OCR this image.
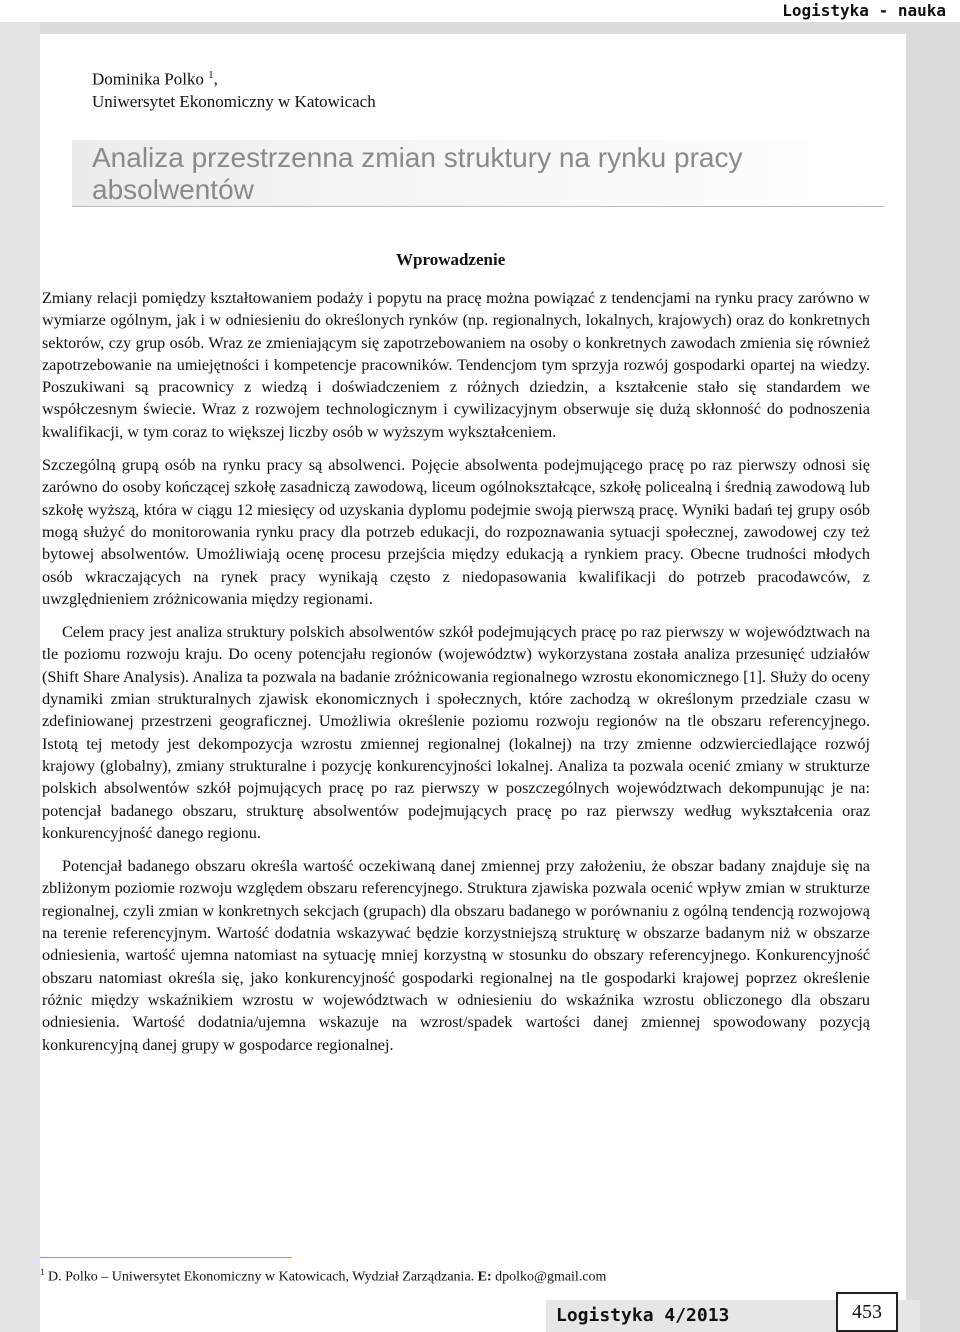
Logistyka - nauka
Dominika Polko $^1$,
Uniwersytet Ekonomiczny w Katowicach
Analiza przestrzenna zmian struktury na rynku pracy absolwentów
Wprowadzenie

Zmiany relacji pomiędzy kształtowaniem podaży i popytu na pracę można powiązać z tendencjami na rynku pracy zarówno w wymiarze ogólnym, jak i w odniesieniu do określonych rynków (np. regionalnych, lokalnych, krajowych) oraz do konkretnych sektorów, czy grup osób. Wraz ze zmieniającym się zapotrzebowaniem na osoby o konkretnych zawodach zmienia się również zapotrzebowanie na umiejętności i kompetencje pracowników. Tendencjom tym sprzyja rozwój gospodarki opartej na wiedzy. Poszukiwani są pracownicy z wiedzą i doświadczeniem z różnych dziedzin, a kształcenie stało się standardem we współczesnym świecie. Wraz z rozwojem technologicznym i cywilizacyjnym obserwuje się dużą skłonność do podnoszenia kwalifikacji, w tym coraz to większej liczby osób w wyższym wykształceniem.

Szczególną grupą osób na rynku pracy są absolwenci. Pojęcie absolwenta podejmującego pracę po raz pierwszy odnosi się zarówno do osoby kończącej szkołę zasadniczą zawodową, liceum ogólnokształcące, szkołę policealną i średnią zawodową lub szkołę wyższą, która w ciągu 12 miesięcy od uzyskania dyplomu podejmie swoją pierwszą pracę. Wyniki badań tej grupy osób mogą służyć do monitorowania rynku pracy dla potrzeb edukacji, do rozpoznawania sytuacji społecznej, zawodowej czy też bytowej absolwentów. Umożliwiają ocenę procesu przejścia między edukacją a rynkiem pracy. Obecne trudności młodych osób wkraczających na rynek pracy wynikają często z niedopasowania kwalifikacji do potrzeb pracodawców, z uwzględnieniem zróżnicowania między regionami.

Celem pracy jest analiza struktury polskich absolwentów szkół podejmujących pracę po raz pierwszy w województwach na tle poziomu rozwoju kraju. Do oceny potencjału regionów (województw) wykorzystana została analiza przesunięć udziałów (Shift Share Analysis). Analiza ta pozwala na badanie zróżnicowania regionalnego wzrostu ekonomicznego [1]. Służy do oceny dynamiki zmian strukturalnych zjawisk ekonomicznych i społecznych, które zachodzą w określonym przedziale czasu w zdefiniowanej przestrzeni geograficznej. Umożliwia określenie poziomu rozwoju regionów na tle obszaru referencyjnego. Istotą tej metody jest dekompozycja wzrostu zmiennej regionalnej (lokalnej) na trzy zmienne odzwierciedlające rozwój krajowy (globalny), zmiany strukturalne i pozycję konkurencyjności lokalnej. Analiza ta pozwala ocenić zmiany w strukturze polskich absolwentów szkół pojmujących pracę po raz pierwszy w poszczególnych województwach dekompunując je na: potencjał badanego obszaru, strukturę absolwentów podejmujących pracę po raz pierwszy według wykształcenia oraz konkurencyjność danego regionu.

Potencjał badanego obszaru określa wartość oczekiwaną danej zmiennej przy założeniu, że obszar badany znajduje się na zbliżonym poziomie rozwoju względem obszaru referencyjnego. Struktura zjawiska pozwala ocenić wpływ zmian w strukturze regionalnej, czyli zmian w konkretnych sekcjach (grupach) dla obszaru badanego w porównaniu z ogólną tendencją rozwojową na terenie referencyjnym. Wartość dodatnia wskazywać będzie korzystniejszą strukturę w obszarze badanym niż w obszarze odniesienia, wartość ujemna natomiast na sytuację mniej korzystną w stosunku do obszary referencyjnego. Konkurencyjność obszaru natomiast określa się, jako konkurencyjność gospodarki regionalnej na tle gospodarki krajowej poprzez określenie różnic między wskaźnikiem wzrostu w województwach w odniesieniu do wskaźnika wzrostu obliczonego dla obszaru odniesienia. Wartość dodatnia/ujemna wskazuje na wzrost/spadek wartości danej zmiennej spowodowany pozycją konkurencyjną danej grupy w gospodarce regionalnej.

$^1$ D. Polko – Uniwersytet Ekonomiczny w Katowicach, Wydział Zarządzania. E: dpolko@gmail.com
Logistyka 4/2013	453
